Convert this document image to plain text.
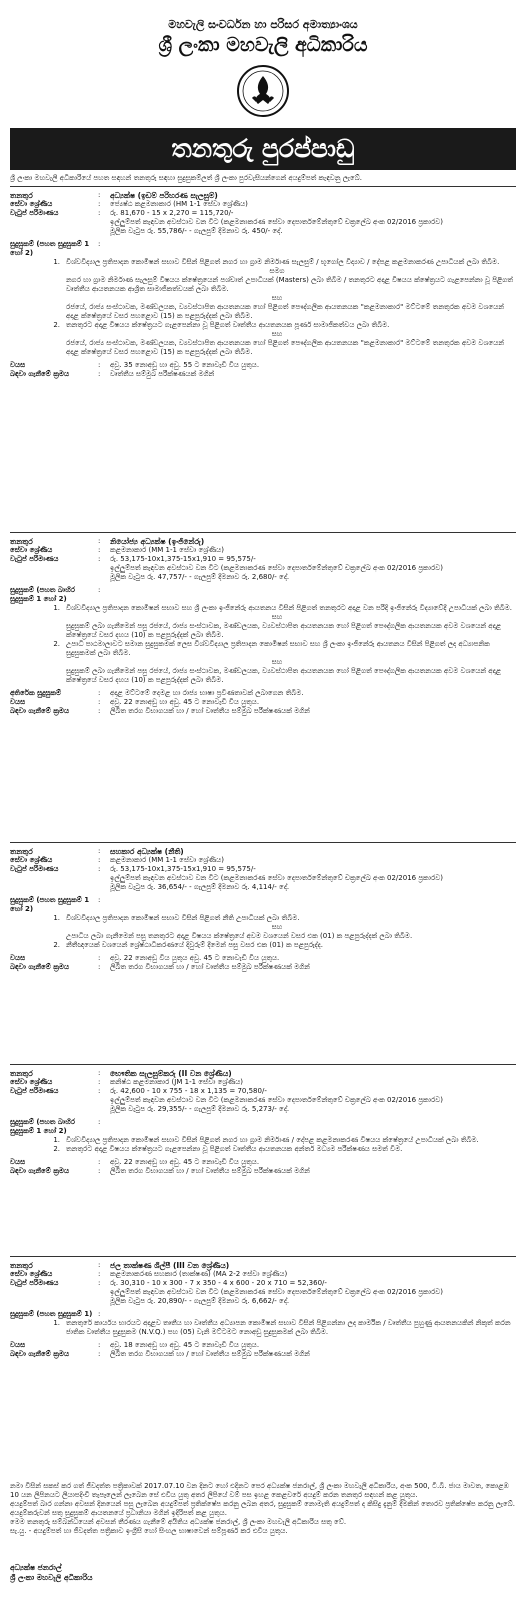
මහවැලි සංවර්ධන හා පරිසර අමාත්‍යාංශය
ශ්‍රී ලංකා මහවැලි අධිකාරිය
තනතුරු පුරප්පාඩු
ශ්‍රී ලංකා මහවැලි අධිකාරියේ පහත සඳහන් තනතුරු සඳහා සුදුසුකම්ලත් ශ්‍රී ලංකා පුරවැසියන්ගෙන් අයදුම්පත් කැඳවනු ලැබේ.
තනතුර	:	අධ්‍යක්ෂ (ඉඩම් පරිහරණ සැලසුම්)
සේවා ශ්‍රේණිය	:	ජ්‍යෙෂ්ඨ කළමනාකාර (HM 1-1 සේවා ශ්‍රේණිය)
වැටුප් පරිමාණය	:	රු. 81,670 - 15 x 2,270 = 115,720/-
ඉල්ලුම්පත් කැඳවන අවස්ථාව වන විට (කළමනාකරණ සේවා දෙපාර්තමේන්තුවේ චක්‍රලේඛ අංක 02/2016 ප්‍රකාරව)
මූලික වැටුප රු. 55,786/- - ගැලපුම් දීමනාව රු. 450/- දේ.
සුදුසුකම් (පහත සුදුසුකම් 1 හෝ 2)
:
1. විශ්වවිද්‍යාල ප්‍රතිපාදන කොමිෂන් සභාව විසින් පිළිගත් නගර හා ග්‍රාම නිර්මාණ සැලසුම් / භූගෝල විද්‍යාව / දේපළ කළමනාකරණ උපාධියක් ලබා තිබීම.
සමග
නගර හා ග්‍රාම නිර්මාණ සැලසුම් විෂයය ක්ෂේත්‍රයෙන් පශ්චාත් උපාධියක් (Masters) ලබා තිබීම / තනතුරට අදාළ විෂයය ක්ෂේත්‍රයට ගැළපෙන්නා වූ පිළිගත් වෘත්තීය ආයතනයක ආශ්‍රිත සාමාජිකත්වයක් ලබා තිබීම.
සහ
රජයේ, රාජ්‍ය සංස්ථාවක, මණ්ඩලයක, ව්‍යවස්ථාපිත ආයතනයක හෝ පිළිගත් පෞද්ගලික ආයතනයක "කළමනාකාර" මට්ටමේ තනතුරක අවම වශයෙන් අදාළ ක්ෂේත්‍රයේ වසර පහළොව (15) ක පළපුරුද්දක් ලබා තිබීම.
2. තනතුරට අදාළ විෂයය ක්ෂේත්‍රයට ගැළපෙන්නා වූ පිළිගත් වෘත්තීය ආයතනයක පූර්ණ සාමාජිකත්වය ලබා තිබීම.
සහ
රජයේ, රාජ්‍ය සංස්ථාවක, මණ්ඩලයක, ව්‍යවස්ථාපිත ආයතනයක හෝ පිළිගත් පෞද්ගලික ආයතනයක "කළමනාකාර" මට්ටමේ තනතුරක අවම වශයෙන් අදාළ ක්ෂේත්‍රයේ වසර පහළොව (15) ක පළපුරුද්දක් ලබා තිබීම.
වයස	:	අවු. 35 නොඅඩු හා අවු. 55 ට නොවැඩි විය යුතුය.
බඳවා ගැනීමේ ක්‍රමය	:	වෘත්තීය සම්මුඛ පරීක්ෂණයක් මගින්
තනතුර	:	නියෝජ්‍ය අධ්‍යක්ෂ (ඉංජිනේරු)
සේවා ශ්‍රේණිය	:	කළමනාකාර (MM 1-1 සේවා ශ්‍රේණිය)
වැටුප් පරිමාණය	:	රු. 53,175-10x1,375-15x1,910 = 95,575/-
ඉල්ලුම්පත් කැඳවන අවස්ථාව වන විට (කළමනාකරණ සේවා දෙපාර්තමේන්තුවේ චක්‍රලේඛ අංක 02/2016 ප්‍රකාරව)
මූලික වැටුප රු. 47,757/- - ගැලපුම් දීමනාව රු. 2,680/- දේ.
සුදුසුකම් (පහත බාහිර සුදුසුකම් 1 හෝ 2)
:
1. විශ්වවිද්‍යාල ප්‍රතිපාදන කොමිෂන් සභාව සහ ශ්‍රී ලංකා ඉංජිනේරු ආයතනය විසින් පිළිගත් තනතුරට අදාළ වන පරිදි ඉංජිනේරු විද්‍යාවේදී උපාධියක් ලබා තිබීම.
සහ
සුදුසුකම් ලබා ගැනීමෙන් පසු රජයේ, රාජ්‍ය සංස්ථාවක, මණ්ඩලයක, ව්‍යවස්ථාපිත ආයතනයක හෝ පිළිගත් පෞද්ගලික ආයතනයක අවම වශයෙන් අදාළ ක්ෂේත්‍රයේ වසර දහය (10) ක පළපුරුද්දක් ලබා තිබීම.
2. උපාධි පාඨමාලාවට සමාන සුදුසුකමක් ලෙස විශ්වවිද්‍යාල ප්‍රතිපාදන කොමිෂන් සභාව සහ ශ්‍රී ලංකා ඉංජිනේරු ආයතනය විසින් පිළිගත් ලද අධ්‍යාපනික සුදුසුකමක් ලබා තිබීම.
සහ
සුදුසුකම් ලබා ගැනීමෙන් පසු රජයේ, රාජ්‍ය සංස්ථාවක, මණ්ඩලයක, ව්‍යවස්ථාපිත ආයතනයක හෝ පිළිගත් පෞද්ගලික ආයතනයක අවම වශයෙන් අදාළ ක්ෂේත්‍රයේ වසර දහය (10) ක පළපුරුද්දක් ලබා තිබීම.
අතිරේක සුදුසුකම්	:	අදාළ මට්ටමේ දෙමළ හා රාජ්‍ය භාෂා ප්‍රවීණතාවක් ලබාගෙන තිබීම.
වයස	:	අවු. 22 නොඅඩු හා අවු. 45 ට නොවැඩි විය යුතුය.
බඳවා ගැනීමේ ක්‍රමය	:	ලිඛිත තරග විභාගයක් හා / හෝ වෘත්තීය සම්මුඛ පරීක්ෂණයක් මගින්
තනතුර	:	සහකාර අධ්‍යක්ෂ (නීති)
සේවා ශ්‍රේණිය	:	කළමනාකාර (MM 1-1 සේවා ශ්‍රේණිය)
වැටුප් පරිමාණය	:	රු. 53,175-10x1,375-15x1,910 = 95,575/-
ඉල්ලුම්පත් කැඳවන අවස්ථාව වන විට (කළමනාකරණ සේවා දෙපාර්තමේන්තුවේ චක්‍රලේඛ අංක 02/2016 ප්‍රකාරව)
මූලික වැටුප රු. 36,654/- - ගැලපුම් දීමනාව රු. 4,114/- දේ.
සුදුසුකම් (පහත සුදුසුකම් 1 හෝ 2)
:
1. විශ්වවිද්‍යාල ප්‍රතිපාදන කොමිෂන් සභාව විසින් පිළිගත් නීති උපාධියක් ලබා තිබීම.
සහ
උපාධිය ලබා ගැනීමෙන් පසු තනතුරට අදාළ විෂයය ක්ෂේත්‍රයේ අවම වශයෙන් වසර එක (01) ක පළපුරුද්දක් ලබා තිබීම.
2. නීතීඥයෙක් වශයෙන් ශ්‍රේෂ්ඨාධිකරණයේ දිවුරුම් දීමෙන් පසු වසර එක (01) ක පළපුරුද්ද.
වයස	:	අවු. 22 නොඅඩු විය යුතුය අවු. 45 ට නොවැඩි විය යුතුය.
බඳවා ගැනීමේ ක්‍රමය	:	ලිඛිත තරග විභාගයක් හා / හෝ වෘත්තීය සම්මුඛ පරීක්ෂණයක් මගින්
තනතුර	:	භෞතික සැලසුම්කරු (II වන ශ්‍රේණිය)
සේවා ශ්‍රේණිය	:	කනිෂ්ඨ කළමනාකාර (JM 1-1 සේවා ශ්‍රේණිය)
වැටුප් පරිමාණය	:	රු. 42,600 - 10 x 755 - 18 x 1,135 = 70,580/-
ඉල්ලුම්පත් කැඳවන අවස්ථාව වන විට (කළමනාකරණ සේවා දෙපාර්තමේන්තුවේ චක්‍රලේඛ අංක 02/2016 ප්‍රකාරව)
මූලික වැටුප රු. 29,355/- - ගැලපුම් දීමනාව රු. 5,273/- දේ.
සුදුසුකම් (පහත බාහිර සුදුසුකම් 1 හෝ 2)
:
1. විශ්වවිද්‍යාල ප්‍රතිපාදන කොමිෂන් සභාව විසින් පිළිගත් නගර හා ග්‍රාම නිර්මාණ / දේපළ කළමනාකරණ විෂයය ක්ෂේත්‍රයේ උපාධියක් ලබා තිබීම.
2. තනතුරට අදාළ විෂයය ක්ෂේත්‍රයට ගැළපෙන්නා වූ පිළිගත් වෘත්තීය ආයතනයක අන්තර් මධ්‍යම පරීක්ෂණය සමත් වීම.
වයස	:	අවු. 22 නොඅඩු හා අවු. 45 ට නොවැඩි විය යුතුය.
බඳවා ගැනීමේ ක්‍රමය	:	ලිඛිත තරග විභාගයක් හා / හෝ වෘත්තීය සම්මුඛ පරීක්ෂණයක් මගින්
තනතුර	:	ජල තාක්ෂණ ශිල්පී (III වන ශ්‍රේණිය)
සේවා ශ්‍රේණිය	:	කළමනාකරණ සහකාර (තාක්ෂණ) (MA 2-2 සේවා ශ්‍රේණිය)
වැටුප් පරිමාණය	:	රු. 30,310 - 10 x 300 - 7 x 350 - 4 x 600 - 20 x 710 = 52,360/-
ඉල්ලුම්පත් කැඳවන අවස්ථාව වන විට (කළමනාකරණ සේවා දෙපාර්තමේන්තුවේ චක්‍රලේඛ අංක 02/2016 ප්‍රකාරව)
මූලික වැටුප රු. 20,890/- - ගැලපුම් දීමනාව රු. 6,662/- දේ.
සුදුසුකම් (පහත සුදුසුකම් 1) :
1. තනතුරේ කාර්යය භාරයට අදාළව තෘතීය හා වෘත්තීය අධ්‍යාපන කොමිෂන් සභාව විසින් පිළිගන්නා ලද කාර්මික / වෘත්තීය පුහුණු ආයතනයකින් නිකුත් කරන ජාතික වෘත්තීය සුදුසුකම (N.V.Q.) පහ (05) වැනි මට්ටමට නොඅඩු සුදුසුකමක් ලබා තිබීම.
වයස	:	අවු. 18 නොඅඩු හා අවු. 45 ට නොවැඩි විය යුතුය.
බඳවා ගැනීමේ ක්‍රමය	:	ලිඛිත තරග විභාගයක් හා / හෝ වෘත්තීය සම්මුඛ පරීක්ෂණයක් මගින්
නමා විසින් සකස් කර ගත් ජීවදත්ත පත්‍රිකාවක් 2017.07.10 වන දිනට හෝ එදිනට පෙර අධ්‍යක්ෂ ජනරාල්, ශ්‍රී ලංකා මහවැලි අධිකාරිය, අංක 500, ටී.බී. ජාය මාවත, කොළඹ 10 යන ලිපිනයට ලියාපදිංචි තැපෑලෙන් ලැබෙන සේ එවිය යුතු අතර ලිපියේ වම් පස ඉහළ කෙළවරේ අයදුම් කරන තනතුර සඳහන් කළ යුතුය.
අයදුම්පත් බාර ගන්නා අවසන් දිනයෙන් පසු ලැබෙන අයදුම්පත් ප්‍රතික්ෂේප කරනු ලබන අතර, සුදුසුකම් නොමැති අයදුම්පත් ද කිසිදු දැනුම් දීමකින් තොරව ප්‍රතික්ෂේප කරනු ලැබේ.
අයදුම්කරුවන් සතු සුදුසුකම් ආයතනයේ ප්‍රධානියා මගින් ඉදිරිපත් කළ යුතුය.
මෙම තනතුරු සම්බන්ධයෙන් අවසන් තීරණය ගැනීමේ අයිතිය අධ්‍යක්ෂ ජනරාල්, ශ්‍රී ලංකා මහවැලි අධිකාරිය සතු වේ.
සැ.යු. - අයදුම්පත් හා ජීවදත්ත පත්‍රිකාව ඉංග්‍රීසි හෝ සිංහල භාෂාවෙන් සම්පූර්ණ කර එවිය යුතුය.
අධ්‍යක්ෂ ජනරාල්
ශ්‍රී ලංකා මහවැලි අධිකාරිය
